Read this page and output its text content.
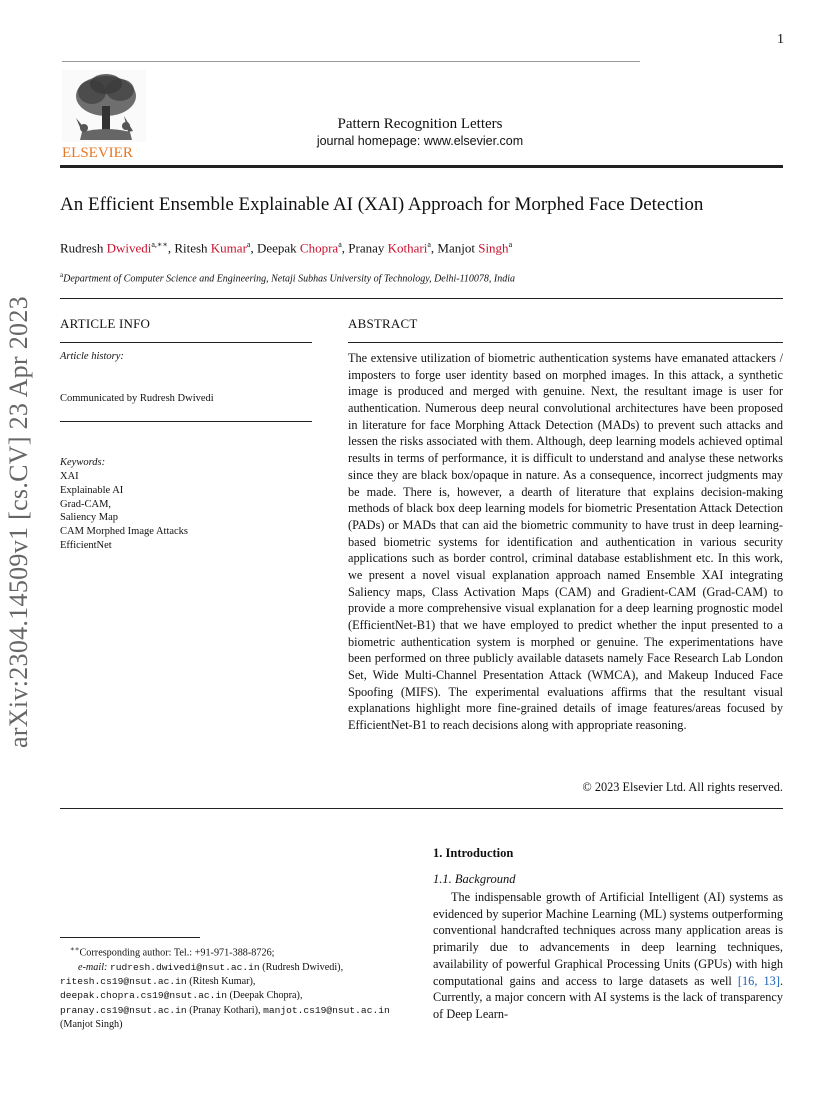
1
ELSEVIER
Pattern Recognition Letters
journal homepage: www.elsevier.com
An Efficient Ensemble Explainable AI (XAI) Approach for Morphed Face Detection
Rudresh Dwivedi$^{a,∗∗}$, Ritesh Kumar$^a$, Deepak Chopra$^a$, Pranay Kothari$^a$, Manjot Singh$^a$
$^a$Department of Computer Science and Engineering, Netaji Subhas University of Technology, Delhi-110078, India
ARTICLE INFO	ABSTRACT
Article history:
Communicated by Rudresh Dwivedi
Keywords:
XAI
Explainable AI
Grad-CAM,
Saliency Map
CAM Morphed Image Attacks
EfficientNet
The extensive utilization of biometric authentication systems have emanated attackers / imposters to forge user identity based on morphed images. In this attack, a synthetic image is produced and merged with genuine. Next, the resultant image is user for authentication. Numerous deep neural convolutional architectures have been proposed in literature for face Morphing Attack Detection (MADs) to prevent such attacks and lessen the risks associated with them. Although, deep learning models achieved optimal results in terms of performance, it is difficult to understand and analyse these networks since they are black box/opaque in nature. As a consequence, incorrect judgments may be made. There is, however, a dearth of literature that explains decision-making methods of black box deep learning models for biometric Presentation Attack Detection (PADs) or MADs that can aid the biometric community to have trust in deep learning-based biometric systems for identification and authentication in various security applications such as border control, criminal database establishment etc. In this work, we present a novel visual explanation approach named Ensemble XAI integrating Saliency maps, Class Activation Maps (CAM) and Gradient-CAM (Grad-CAM) to provide a more comprehensive visual explanation for a deep learning prognostic model (EfficientNet-B1) that we have employed to predict whether the input presented to a biometric authentication system is morphed or genuine. The experimentations have been performed on three publicly available datasets namely Face Research Lab London Set, Wide Multi-Channel Presentation Attack (WMCA), and Makeup Induced Face Spoofing (MIFS). The experimental evaluations affirms that the resultant visual explanations highlight more fine-grained details of image features/areas focused by EfficientNet-B1 to reach decisions along with appropriate reasoning.
© 2023 Elsevier Ltd. All rights reserved.
arXiv:2304.14509v1 [cs.CV] 23 Apr 2023
1. Introduction
1.1. Background
The indispensable growth of Artificial Intelligent (AI) systems as evidenced by superior Machine Learning (ML) systems outperforming conventional handcrafted techniques across many application areas is primarily due to advancements in deep learning techniques, availability of powerful Graphical Processing Units (GPUs) with high computational gains and access to large datasets as well [16, 13]. Currently, a major concern with AI systems is the lack of transparency of Deep Learn-
∗∗Corresponding author: Tel.: +91-971-388-8726;
e-mail: rudresh.dwivedi@nsut.ac.in (Rudresh Dwivedi),
ritesh.cs19@nsut.ac.in (Ritesh Kumar),
deepak.chopra.cs19@nsut.ac.in (Deepak Chopra),
pranay.cs19@nsut.ac.in (Pranay Kothari), manjot.cs19@nsut.ac.in
(Manjot Singh)
